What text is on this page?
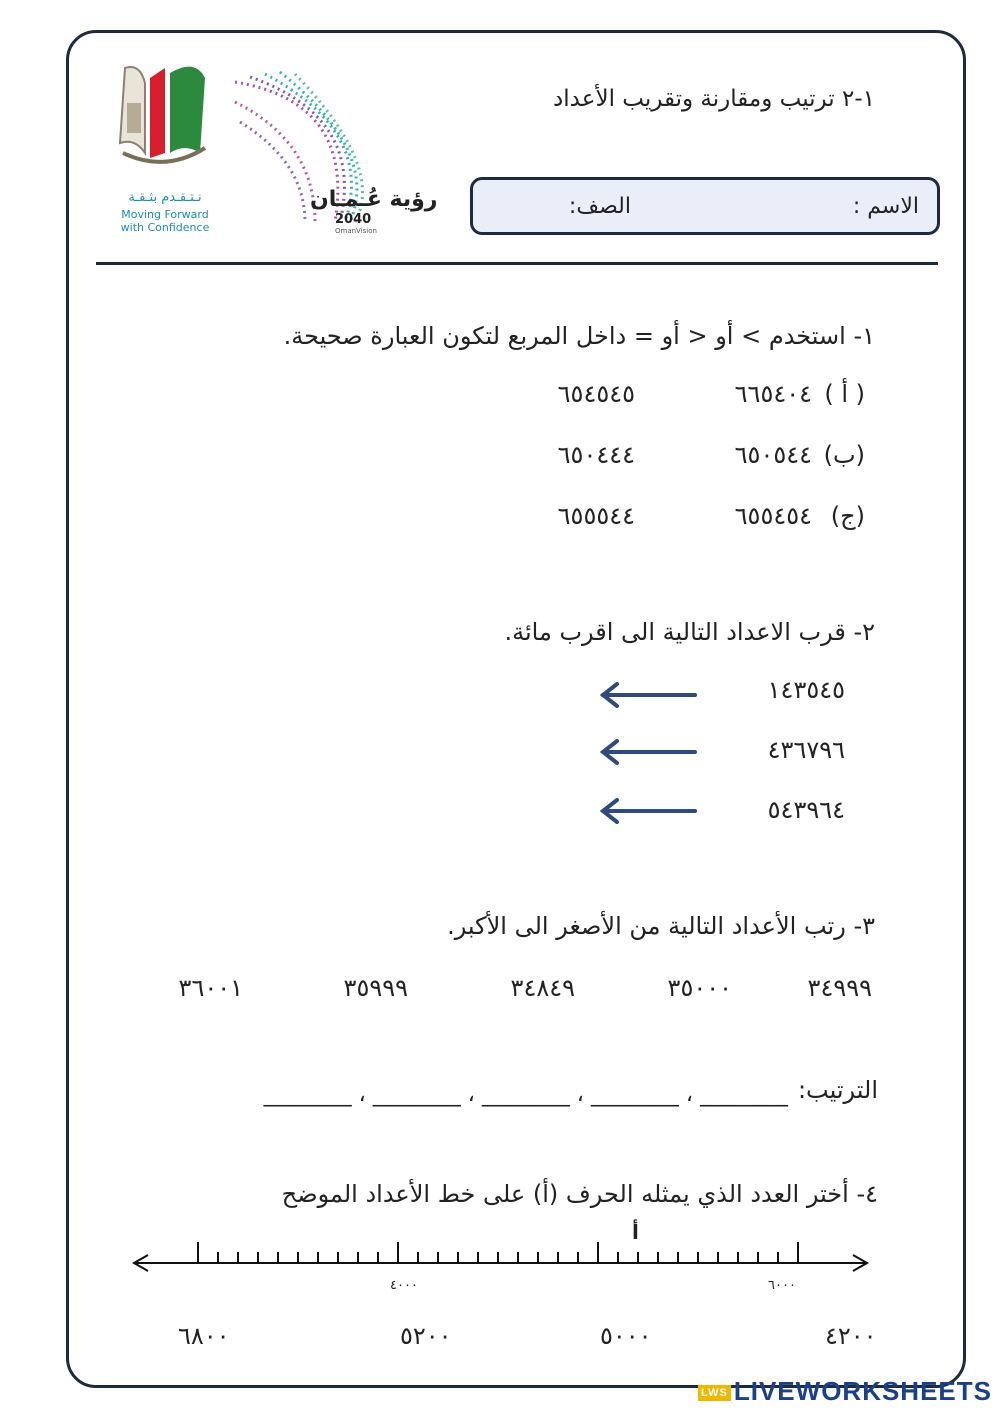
نـتـقـدم بثـقـة
Moving Forward
with Confidence
رؤية عُـمـان
2040
OmanVision
١-٢ ترتيب ومقارنة وتقريب الأعداد
الاسم :
الصف:
١- استخدم > أو < أو = داخل المربع لتكون العبارة صحيحة.
( أ )
٦٦٥٤٠٤
٦٥٤٥٤٥
(ب)
٦٥٠٥٤٤
٦٥٠٤٤٤
(ج)
٦٥٥٤٥٤
٦٥٥٥٤٤
٢- قرب الاعداد التالية الى اقرب مائة.
١٤٣٥٤٥
٤٣٦٧٩٦
٥٤٣٩٦٤
٣- رتب الأعداد التالية من الأصغر الى الأكبر.
٣٤٩٩٩
٣٥٠٠٠
٣٤٨٤٩
٣٥٩٩٩
٣٦٠٠١
الترتيب:
________ ، ________ ، ________ ، ________ ، ________
٤- أختر العدد الذي يمثله الحرف (أ) على خط الأعداد الموضح
أ
٦٠٠٠
٤٠٠٠
٤٢٠٠
٥٠٠٠
٥٢٠٠
٦٨٠٠
LWS LIVEWORKSHEETS
